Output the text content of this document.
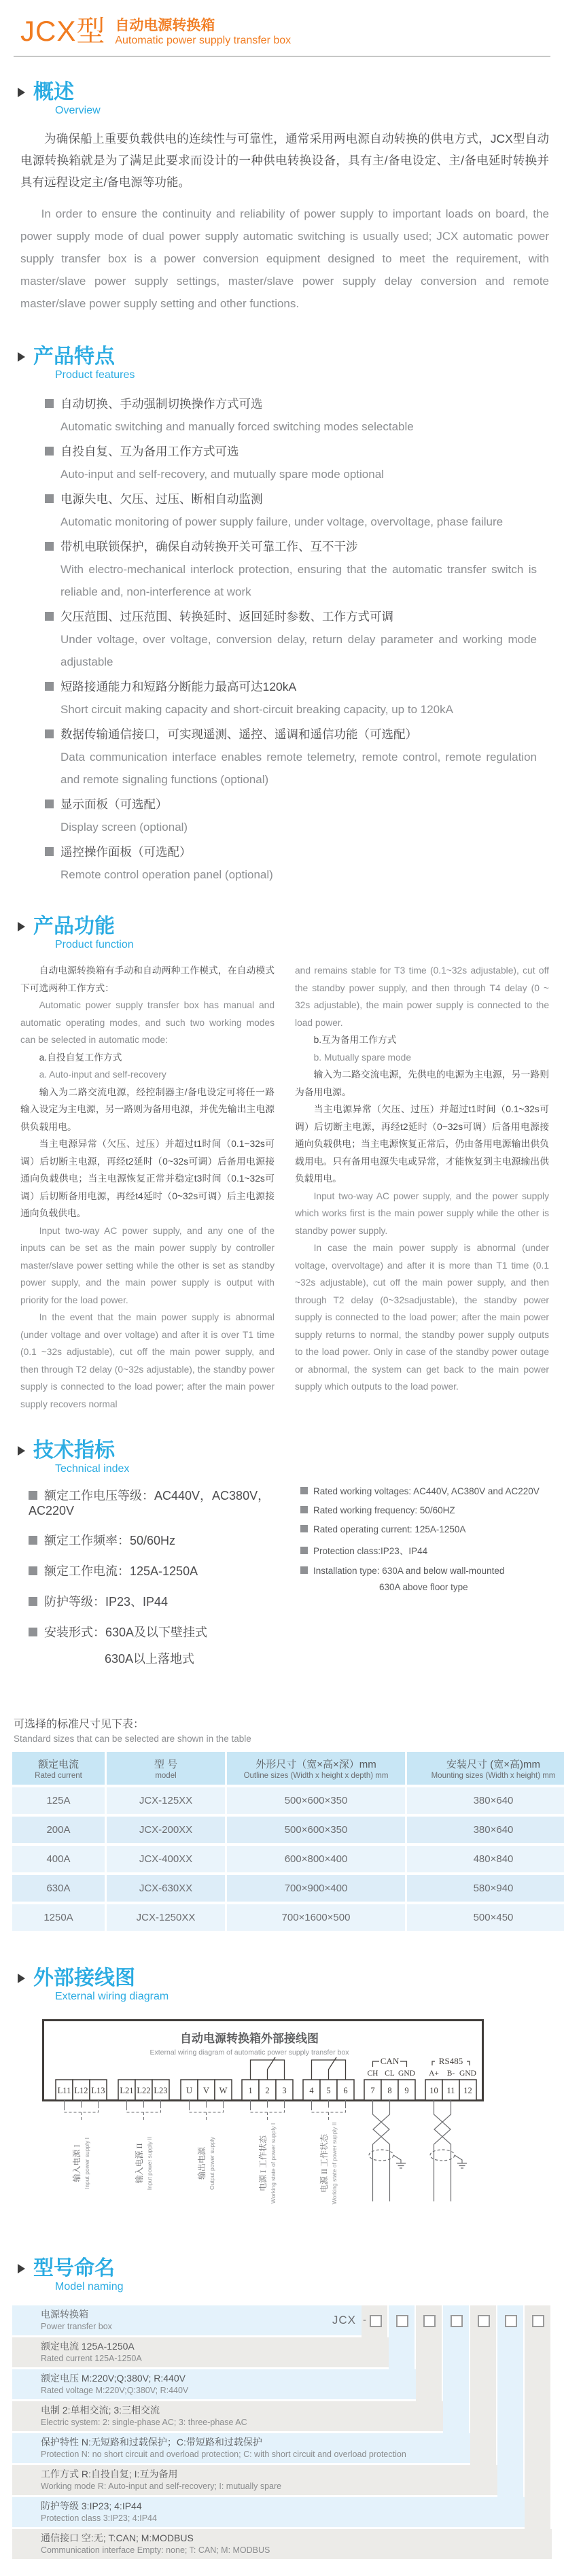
JCX型 自动电源转换箱
Automatic power supply transfer box
概述
Overview

为确保船上重要负载供电的连续性与可靠性，通常采用两电源自动转换的供电方式，JCX型自动电源转换箱就是为了满足此要求而设计的一种供电转换设备，具有主/备电设定、主/备电延时转换并具有远程设定主/备电源等功能。

In order to ensure the continuity and reliability of power supply to important loads on board, the power supply mode of dual power supply automatic switching is usually used; JCX automatic power supply transfer box is a power conversion equipment designed to meet the requirement, with master/slave power supply settings, master/slave power supply delay conversion and remote master/slave power supply setting and other functions.

产品特点
Product features
自动切换、手动强制切换操作方式可选
Automatic switching and manually forced switching modes selectable
自投自复、互为备用工作方式可选
Auto-input and self-recovery, and mutually spare mode optional
电源失电、欠压、过压、断相自动监测
Automatic monitoring of power supply failure, under voltage, overvoltage, phase failure
带机电联锁保护，确保自动转换开关可靠工作、互不干涉
With electro-mechanical interlock protection, ensuring that the automatic transfer switch is reliable and, non-interference at work
欠压范围、过压范围、转换延时、返回延时参数、工作方式可调
Under voltage, over voltage, conversion delay, return delay parameter and working mode adjustable
短路接通能力和短路分断能力最高可达120kA
Short circuit making capacity and short-circuit breaking capacity, up to 120kA
数据传输通信接口，可实现遥测、遥控、遥调和遥信功能（可选配）
Data communication interface enables remote telemetry, remote control, remote regulation and remote signaling functions (optional)
显示面板（可选配）
Display screen (optional)
遥控操作面板（可选配）
Remote control operation panel (optional)
产品功能
Product function

自动电源转换箱有手动和自动两种工作模式，在自动模式下可选两种工作方式：

Automatic power supply transfer box has manual and automatic operating modes, and such two working modes can be selected in automatic mode:

a.自投自复工作方式

a. Auto-input and self-recovery

输入为二路交流电源，经控制器主/备电设定可将任一路输入设定为主电源，另一路则为备用电源，并优先输出主电源供负载用电。

当主电源异常（欠压、过压）并超过t1时间（0.1~32s可调）后切断主电源，再经t2延时（0~32s可调）后备用电源接通向负载供电；当主电源恢复正常并稳定t3时间（0.1~32s可调）后切断备用电源，再经t4延时（0~32s可调）后主电源接通向负载供电。

Input two-way AC power supply, and any one of the inputs can be set as the main power supply by controller master/slave power setting while the other is set as standby power supply, and the main power supply is output with priority for the load power.

In the event that the main power supply is abnormal (under voltage and over voltage) and after it is over T1 time (0.1 ~32s adjustable), cut off the main power supply, and then through T2 delay (0~32s adjustable), the standby power supply is connected to the load power; after the main power supply recovers normal

and remains stable for T3 time (0.1~32s adjustable), cut off the standby power supply, and then through T4 delay (0 ~ 32s adjustable), the main power supply is connected to the load power.

b.互为备用工作方式

b. Mutually spare mode

输入为二路交流电源，先供电的电源为主电源，另一路则为备用电源。

当主电源异常（欠压、过压）并超过t1时间（0.1~32s可调）后切断主电源，再经t2延时（0~32s可调）后备用电源接通向负载供电；当主电源恢复正常后，仍由备用电源输出供负载用电。只有备用电源失电或异常，才能恢复到主电源输出供负载用电。

Input two-way AC power supply, and the power supply which works first is the main power supply while the other is standby power supply.

In case the main power supply is abnormal (under voltage, overvoltage) and after it is more than T1 time (0.1 ~32s adjustable), cut off the main power supply, and then through T2 delay (0~32sadjustable), the standby power supply is connected to the load power; after the main power supply returns to normal, the standby power supply outputs to the load power. Only in case of the standby power outage or abnormal, the system can get back to the main power supply which outputs to the load power.

技术指标
Technical index
额定工作电压等级：AC440V，AC380V，AC220V
额定工作频率：50/60Hz
额定工作电流：125A-1250A
防护等级：IP23、IP44
安装形式：630A及以下壁挂式
630A以上落地式
Rated working voltages: AC440V, AC380V and AC220V
Rated working frequency: 50/60HZ
Rated operating current: 125A-1250A
Protection class:IP23、IP44
Installation type: 630A and below wall-mounted
630A above floor type
可选择的标准尺寸见下表：
Standard sizes that can be selected are shown in the table
额定电流
Rated current

型 号
model

外形尺寸（宽×高×深）mm
Outline sizes (Width x height x depth) mm

安装尺寸 (宽×高)mm
Mounting sizes (Width x height) mm

125A	JCX-125XX	500×600×350	380×640
200A	JCX-200XX	500×600×350	380×640
400A	JCX-400XX	600×800×400	480×840
630A	JCX-630XX	700×900×400	580×940
1250A	JCX-1250XX	700×1600×500	500×450
外部接线图
External wiring diagram
自动电源转换箱外部接线图
External wiring diagram of automatic power supply transfer box
CAN	RS485
CH CL GND A+ B- GND
L11 L12 L13 L21 L22 L23 U V W 1 2 3	4 5 6	7 8 9 10 11 12
输入电源 I Input power supply I	输入电源 II Input power supply II	输出电源 Output power supply	电源 I 工作状态 Working state of power supply I	电源 II 工作状态 Working state of power supply II
型号命名
Model naming
电源转换箱
Power transfer box
额定电流 125A-1250A
Rated current 125A-1250A
额定电压 M:220V;Q:380V; R:440V
Rated voltage M:220V;Q:380V; R:440V
电制 2:单相交流; 3:三相交流
Electric system: 2: single-phase AC; 3: three-phase AC
保护特性 N:无短路和过载保护；C:带短路和过载保护
Protection N: no short circuit and overload protection; C: with short circuit and overload protection
工作方式 R:自投自复; I:互为备用
Working mode R: Auto-input and self-recovery; I: mutually spare
防护等级 3:IP23; 4:IP44
Protection class 3:IP23; 4:IP44
通信接口 空:无; T:CAN; M:MODBUS
Communication interface Empty: none; T: CAN; M: MODBUS
JCX -
